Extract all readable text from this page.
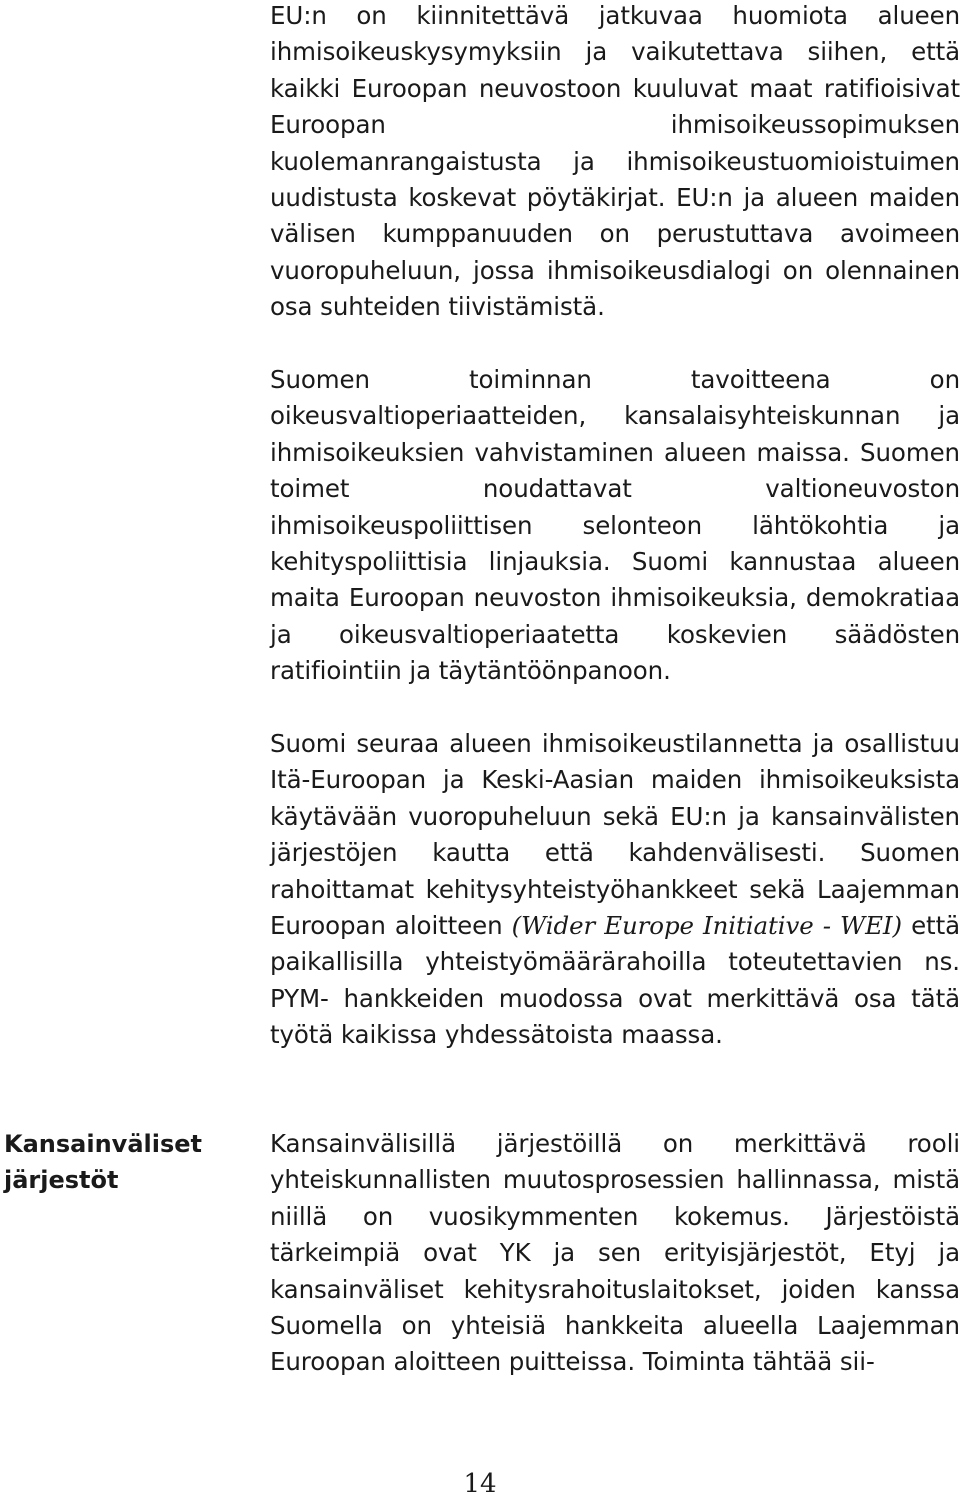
EU:n on kiinnitettävä jatkuvaa huomiota alueen ihmisoikeuskysymyksiin ja vaikutettava siihen, että kaikki Euroopan neuvostoon kuuluvat maat ratifioisivat Euroopan ihmisoikeussopimuksen kuolemanrangaistusta ja ihmisoikeustuomioistuimen uudistusta koskevat pöytäkirjat. EU:n ja alueen maiden välisen kumppanuuden on perustuttava avoimeen vuoropuheluun, jossa ihmisoikeusdialogi on olennainen osa suhteiden tiivistämistä.

Suomen toiminnan tavoitteena on oikeusvaltioperiaatteiden, kansalaisyhteiskunnan ja ihmisoikeuksien vahvistaminen alueen maissa. Suomen toimet noudattavat valtioneuvoston ihmisoikeuspoliittisen selonteon lähtökohtia ja kehityspoliittisia linjauksia. Suomi kannustaa alueen maita Euroopan neuvoston ihmisoikeuksia, demokratiaa ja oikeusvaltioperiaatetta koskevien säädösten ratifiointiin ja täytäntöönpanoon.

Suomi seuraa alueen ihmisoikeustilannetta ja osallistuu Itä-Euroopan ja Keski-Aasian maiden ihmisoikeuksista käytävään vuoropuheluun sekä EU:n ja kansainvälisten järjestöjen kautta että kahdenvälisesti. Suomen rahoittamat kehitysyhteistyöhankkeet sekä Laajemman Euroopan aloitteen (Wider Europe Initiative - WEI) että paikallisilla yhteistyömäärärahoilla toteutettavien ns. PYM- hankkeiden muodossa ovat merkittävä osa tätä työtä kaikissa yhdessätoista maassa.

Kansainvälisillä järjestöillä on merkittävä rooli yhteiskunnallisten muutosprosessien hallinnassa, mistä niillä on vuosikymmenten kokemus. Järjestöistä tärkeimpiä ovat YK ja sen erityisjärjestöt, Etyj ja kansainväliset kehitysrahoituslaitokset, joiden kanssa Suomella on yhteisiä hankkeita alueella Laajemman Euroopan aloitteen puitteissa. Toiminta tähtää sii-

Kansainväliset
järjestöt
14
